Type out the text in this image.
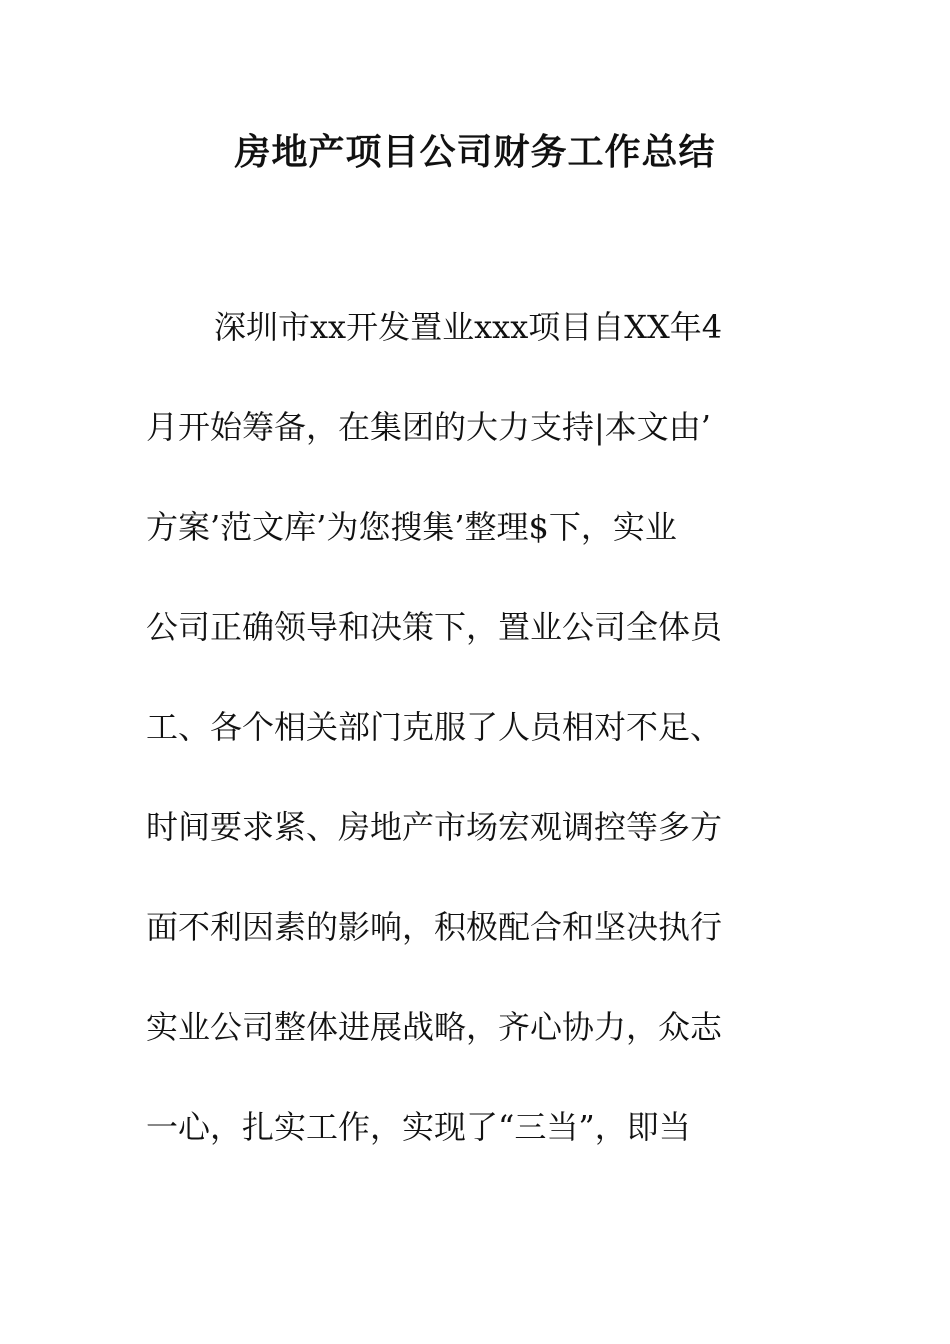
房地产项目公司财务工作总结
深圳市xx开发置业xxx项目自XX年4
月开始筹备，在集团的大力支持|本文由’
方案’范文库’为您搜集’整理$下，实业
公司正确领导和决策下，置业公司全体员
工、各个相关部门克服了人员相对不足、
时间要求紧、房地产市场宏观调控等多方
面不利因素的影响，积极配合和坚决执行
实业公司整体进展战略，齐心协力，众志
一心，扎实工作，实现了“三当”，即当
